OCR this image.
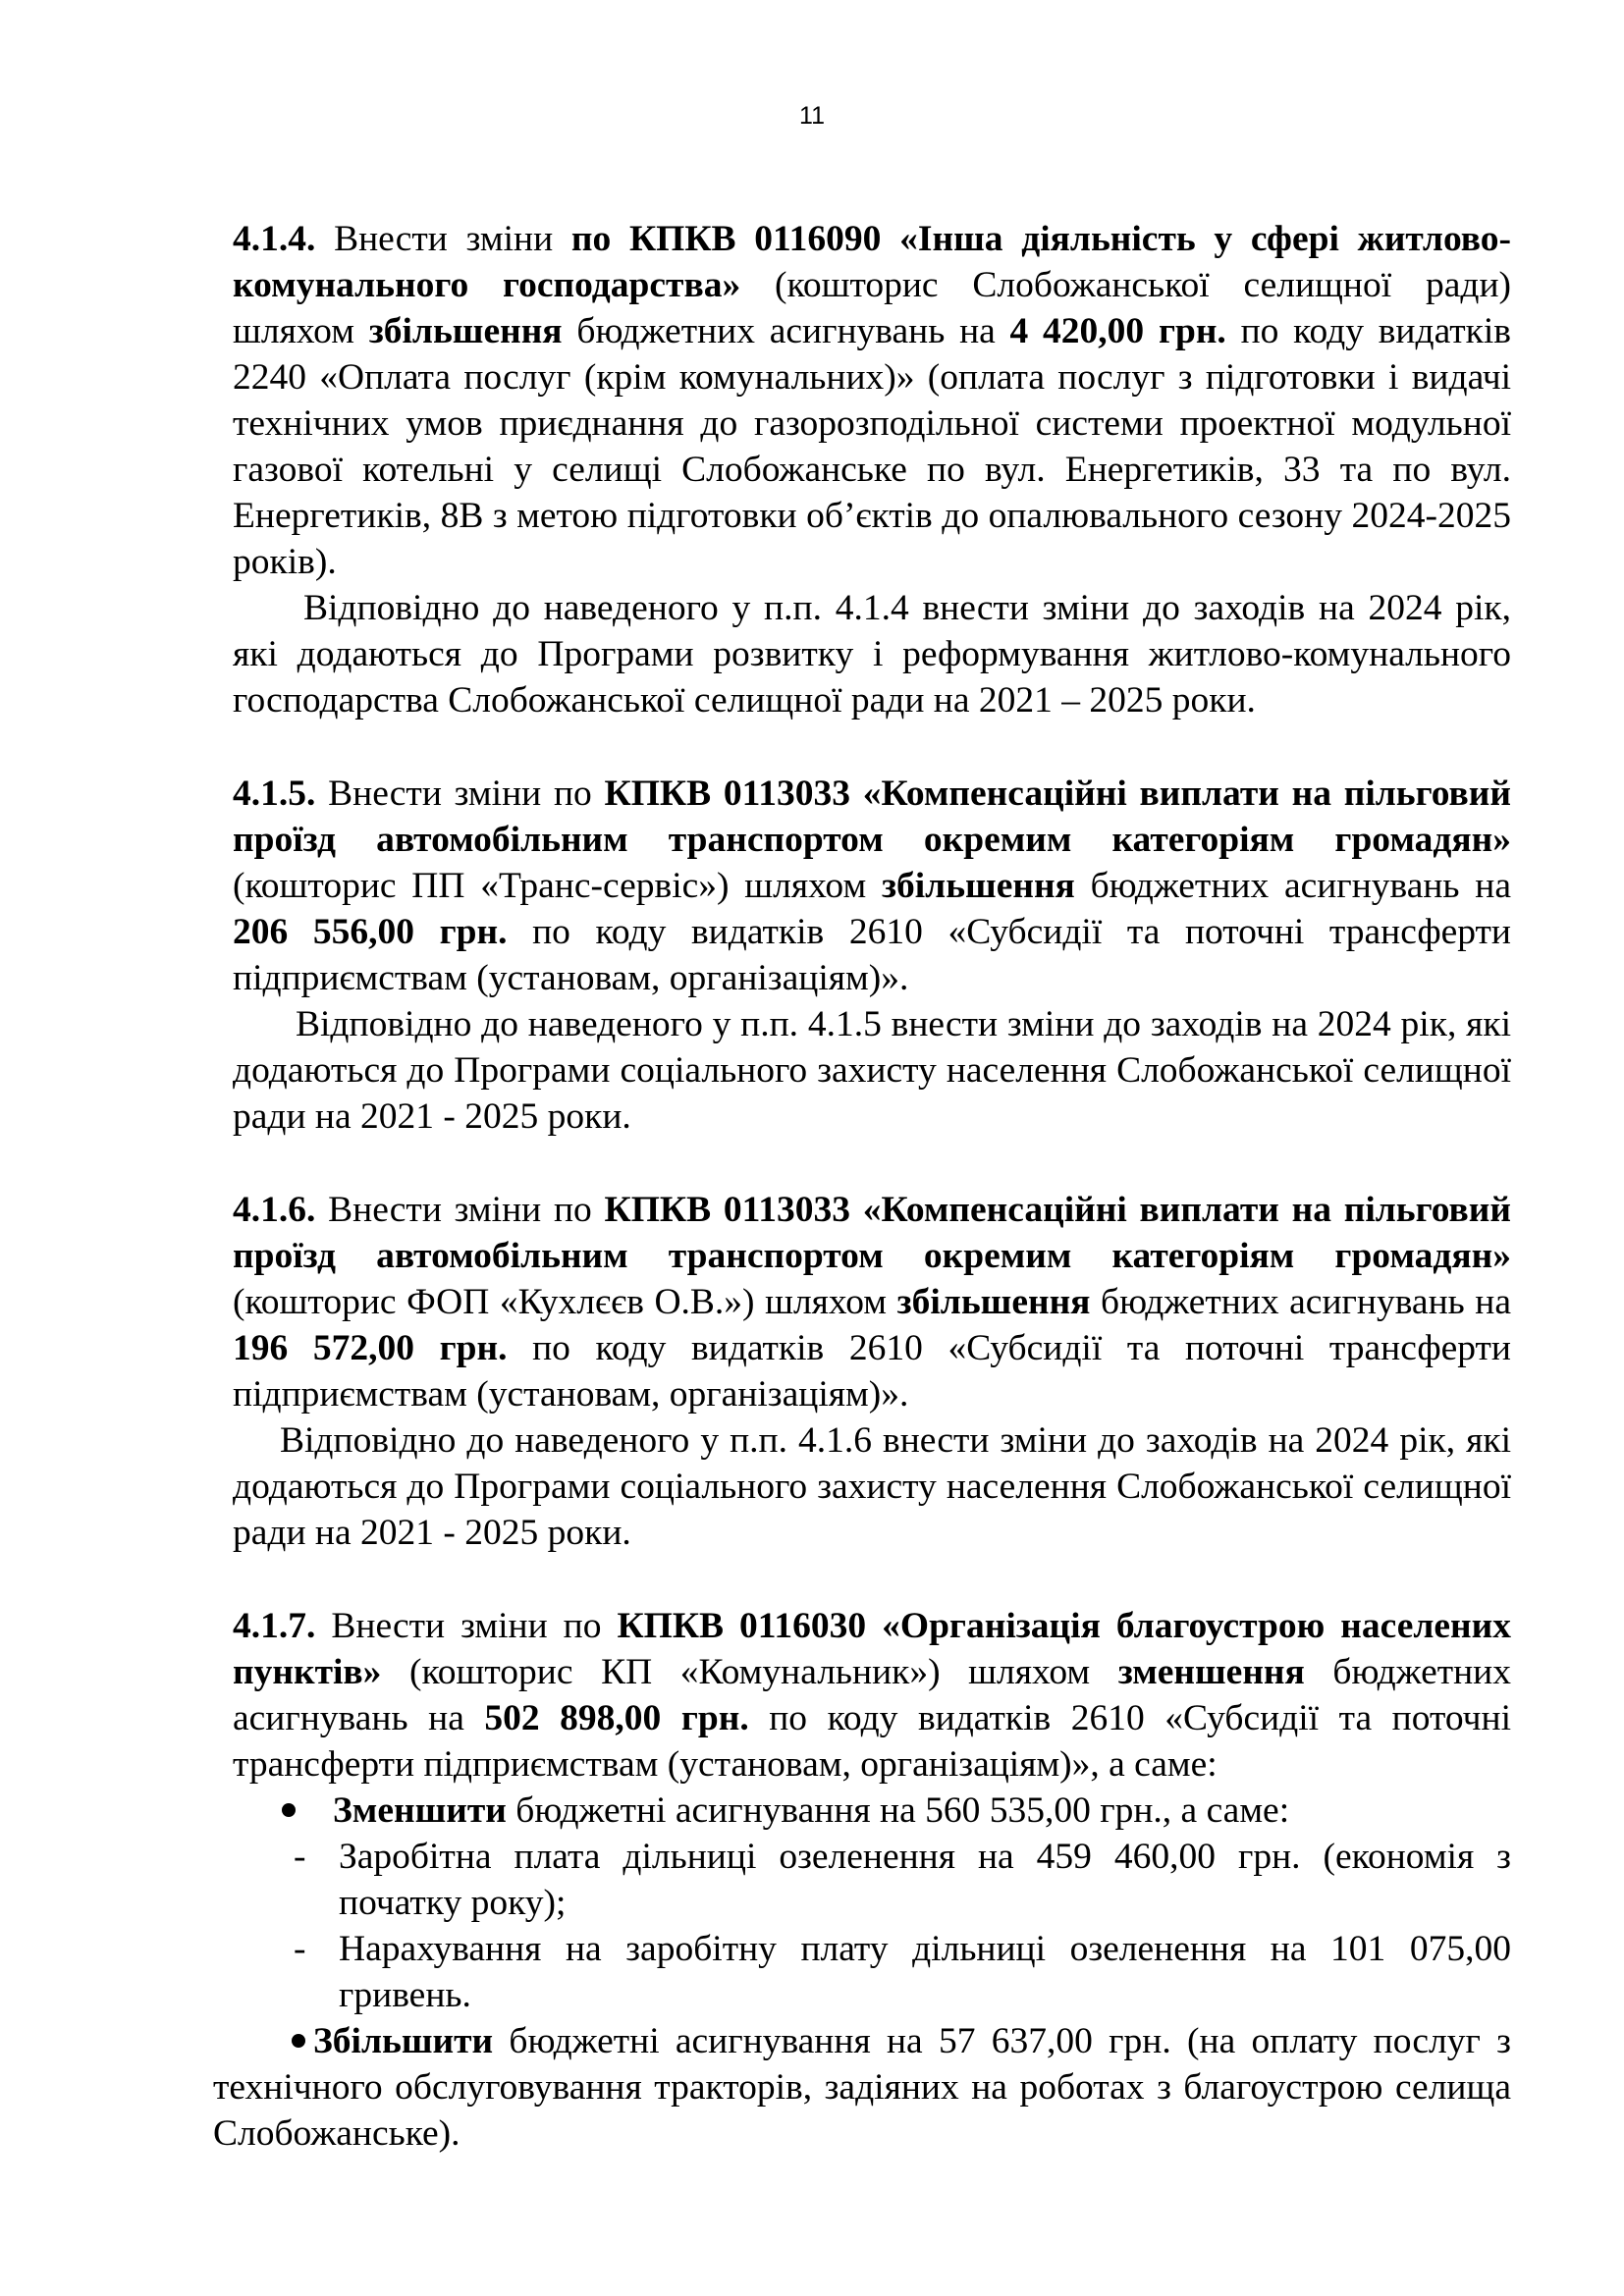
11

4.1.4. Внести зміни по КПКВ 0116090 «Інша діяльність у сфері житлово-комунального господарства» (кошторис Слобожанської селищної ради) шляхом збільшення бюджетних асигнувань на 4 420,00 грн. по коду видатків 2240 «Оплата послуг (крім комунальних)» (оплата послуг з підготовки і видачі технічних умов приєднання до газорозподільної системи проектної модульної газової котельні у селищі Слобожанське по вул. Енергетиків, 33 та по вул. Енергетиків, 8В з метою підготовки об’єктів до опалювального сезону 2024-2025 років).

Відповідно до наведеного у п.п. 4.1.4 внести зміни до заходів на 2024 рік, які додаються до Програми розвитку і реформування житлово-комунального господарства Слобожанської селищної ради на 2021 – 2025 роки.

4.1.5. Внести зміни по КПКВ 0113033 «Компенсаційні виплати на пільговий проїзд автомобільним транспортом окремим категоріям громадян» (кошторис ПП «Транс-сервіс») шляхом збільшення бюджетних асигнувань на 206 556,00 грн. по коду видатків 2610 «Субсидії та поточні трансферти підприємствам (установам, організаціям)».

Відповідно до наведеного у п.п. 4.1.5 внести зміни до заходів на 2024 рік, які додаються до Програми соціального захисту населення Слобожанської селищної ради на 2021 - 2025 роки.

4.1.6. Внести зміни по КПКВ 0113033 «Компенсаційні виплати на пільговий проїзд автомобільним транспортом окремим категоріям громадян» (кошторис ФОП «Кухлєєв О.В.») шляхом збільшення бюджетних асигнувань на 196 572,00 грн. по коду видатків 2610 «Субсидії та поточні трансферти підприємствам (установам, організаціям)».

Відповідно до наведеного у п.п. 4.1.6 внести зміни до заходів на 2024 рік, які додаються до Програми соціального захисту населення Слобожанської селищної ради на 2021 - 2025 роки.

4.1.7. Внести зміни по КПКВ 0116030 «Організація благоустрою населених пунктів» (кошторис КП «Комунальник») шляхом зменшення бюджетних асигнувань на 502 898,00 грн. по коду видатків 2610 «Субсидії та поточні трансферти підприємствам (установам, організаціям)», а саме:

Зменшити бюджетні асигнування на 560 535,00 грн., а саме:
- Заробітна плата дільниці озеленення на 459 460,00 грн. (економія з початку року);
- Нарахування на заробітну плату дільниці озеленення на 101 075,00 гривень.
Збільшити бюджетні асигнування на 57 637,00 грн. (на оплату послуг з технічного обслуговування тракторів, задіяних на роботах з благоустрою селища Слобожанське).
